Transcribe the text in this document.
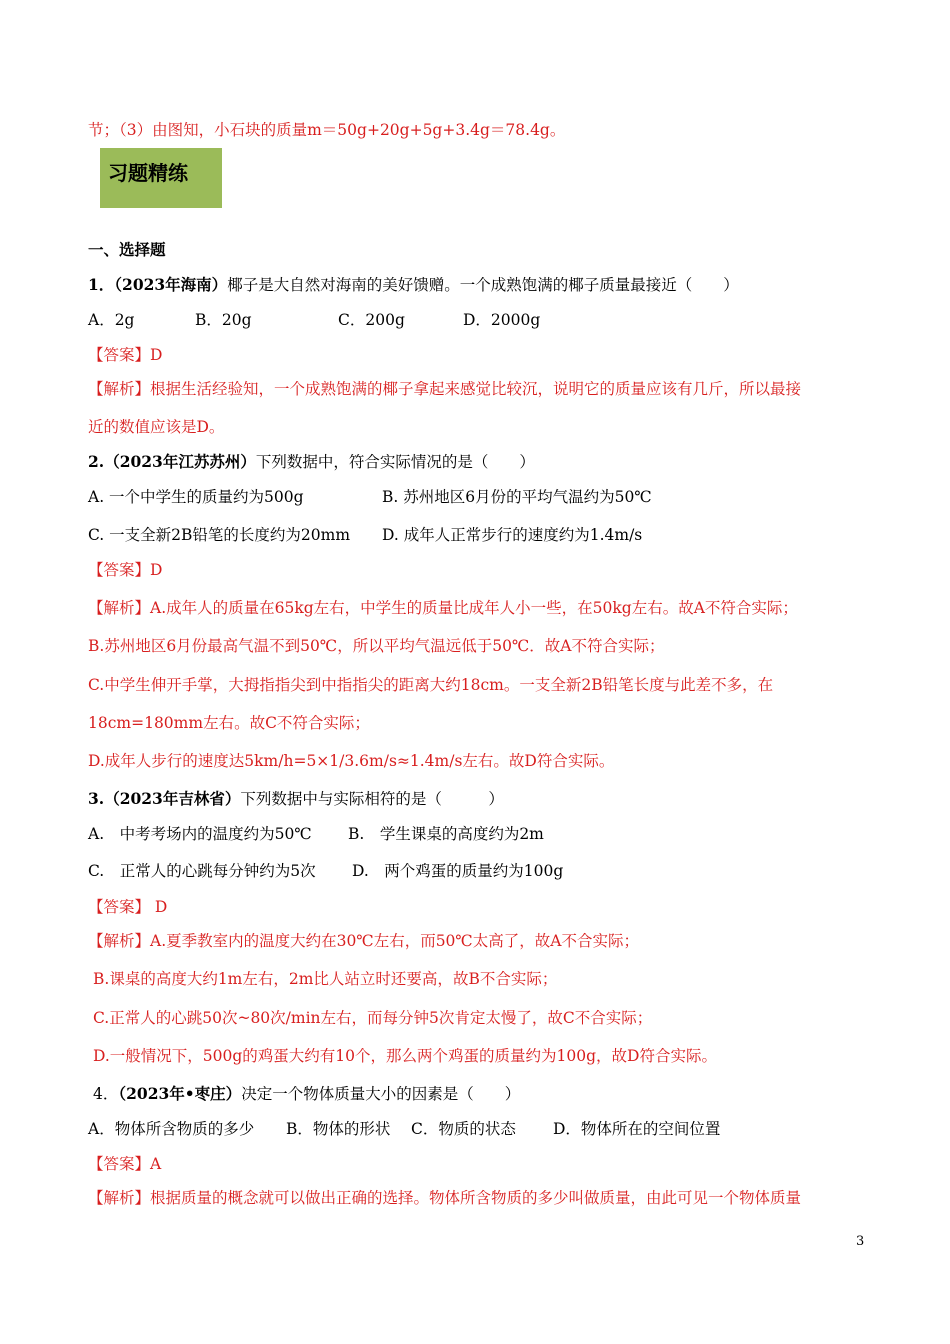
节；（3）由图知，小石块的质量m＝50g+20g+5g+3.4g＝78.4g。
习题精练
一、选择题
1．（2023年海南）椰子是大自然对海南的美好馈赠。一个成熟饱满的椰子质量最接近（　　）
A．2g	B．20g	C．200g	D．2000g
【答案】D
【解析】根据生活经验知，一个成熟饱满的椰子拿起来感觉比较沉，说明它的质量应该有几斤，所以最接
近的数值应该是D。
2.（2023年江苏苏州）下列数据中，符合实际情况的是（　　）
A. 一个中学生的质量约为500g	B. 苏州地区6月份的平均气温约为50℃
C. 一支全新2B铅笔的长度约为20mm D. 成年人正常步行的速度约为1.4m/s
【答案】D
【解析】A.成年人的质量在65kg左右，中学生的质量比成年人小一些，在50kg左右。故A不符合实际；
B.苏州地区6月份最高气温不到50℃，所以平均气温远低于50℃．故A不符合实际；
C.中学生伸开手掌，大拇指指尖到中指指尖的距离大约18cm。一支全新2B铅笔长度与此差不多，在
18cm=180mm左右。故C不符合实际；
D.成年人步行的速度达5km/h=5×1/3.6m/s≈1.4m/s左右。故D符合实际。
3.（2023年吉林省）下列数据中与实际相符的是（　　　）
A.　中考考场内的温度约为50℃ B.　学生课桌的高度约为2m
C.　正常人的心跳每分钟约为5次 D.　两个鸡蛋的质量约为100g
【答案】 D
【解析】A.夏季教室内的温度大约在30℃左右，而50℃太高了，故A不合实际；
B.课桌的高度大约1m左右，2m比人站立时还要高，故B不合实际；
C.正常人的心跳50次~80次/min左右，而每分钟5次肯定太慢了，故C不合实际；
D.一般情况下，500g的鸡蛋大约有10个，那么两个鸡蛋的质量约为100g，故D符合实际。
4．（2023年•枣庄）决定一个物体质量大小的因素是（　　）
A．物体所含物质的多少 B．物体的形状 C．物质的状态 D．物体所在的空间位置
【答案】A
【解析】根据质量的概念就可以做出正确的选择。物体所含物质的多少叫做质量，由此可见一个物体质量
3
